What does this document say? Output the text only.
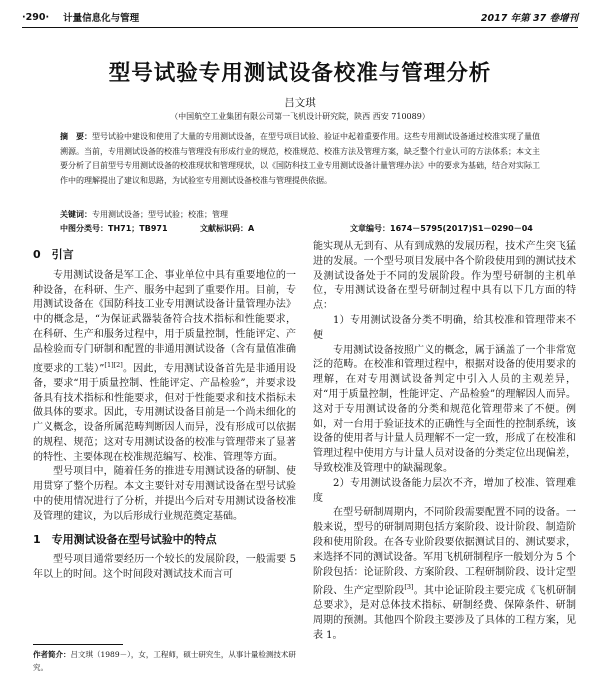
·290· 计量信息化与管理	2017 年第 37 卷增刊
型号试验专用测试设备校准与管理分析
吕文琪
（中国航空工业集团有限公司第一飞机设计研究院，陕西 西安 710089）
摘　要：型号试验中建设和使用了大量的专用测试设备，在型号项目试验、验证中起着重要作用。这些专用测试设备通过校准实现了量值溯源。当前，专用测试设备的校准与管理没有形成行业的规范，校准规范、校准方法及管理方案，缺乏整个行业认可的方法体系；本文主要分析了目前型号专用测试设备的校准现状和管理现状，以《国防科技工业专用测试设备计量管理办法》中的要求为基础，结合对实际工作中的理解提出了建议和思路，为试验室专用测试设备校准与管理提供依据。
关键词：专用测试设备；型号试验；校准；管理
中图分类号：TH71；TB971	文献标识码：A	文章编号：1674－5795(2017)S1－0290－04
0　引言

专用测试设备是军工企、事业单位中具有重要地位的一种设备，在科研、生产、服务中起到了重要作用。目前，专用测试设备在《国防科技工业专用测试设备计量管理办法》中的概念是，“为保证武器装备符合技术指标和性能要求，在科研、生产和服务过程中，用于质量控制，性能评定、产品检验而专门研制和配置的非通用测试设备（含有量值准确度要求的工装）”[1][2]。因此，专用测试设备首先是非通用设备，要求“用于质量控制、性能评定、产品检验”，并要求设备具有技术指标和性能要求，但对于性能要求和技术指标未做具体的要求。因此，专用测试设备目前是一个尚未细化的广义概念，设备所属范畴判断因人而异，没有形成可以依据的规程、规范；这对专用测试设备的校准与管理带来了显著的特性、主要体现在校准规范编写、校准、管理等方面。

型号项目中，随着任务的推进专用测试设备的研制、使用贯穿了整个历程。本文主要针对专用测试设备在型号试验中的使用情况进行了分析，并提出今后对专用测试设备校准及管理的建议，为以后形成行业规范奠定基础。

1　专用测试设备在型号试验中的特点

型号项目通常要经历一个较长的发展阶段，一般需要 5 年以上的时间。这个时间段对测试技术而言可

作者简介：吕文琪（1989－），女，工程师，硕士研究生，从事计量检测技术研究。

能实现从无到有、从有到成熟的发展历程，技术产生突飞猛进的发展。一个型号项目发展中各个阶段使用到的测试技术及测试设备处于不同的发展阶段。作为型号研制的主机单位，专用测试设备在型号研制过程中具有以下几方面的特点：

1）专用测试设备分类不明确，给其校准和管理带来不便

专用测试设备按照广义的概念，属于涵盖了一个非常宽泛的范畴。在校准和管理过程中，根据对设备的使用要求的理解，在对专用测试设备判定中引入人员的主观差异，对“用于质量控制，性能评定、产品检验”的理解因人而异。这对于专用测试设备的分类和规范化管理带来了不便。例如，对一台用于验证技术的正确性与全面性的控制系统，该设备的使用者与计量人员理解不一定一致，形成了在校准和管理过程中使用方与计量人员对设备的分类定位出现偏差，导致校准及管理中的缺漏现象。

2）专用测试设备能力层次不齐，增加了校准、管理难度

在型号研制周期内，不同阶段需要配置不同的设备。一般来说，型号的研制周期包括方案阶段、设计阶段、制造阶段和使用阶段。在各专业阶段要依据测试目的、测试要求，来选择不同的测试设备。军用飞机研制程序一般划分为 5 个阶段包括：论证阶段、方案阶段、工程研制阶段、设计定型阶段、生产定型阶段[3]。其中论证阶段主要完成《飞机研制总要求》，是对总体技术指标、研制经费、保障条件、研制周期的预测。其他四个阶段主要涉及了具体的工程方案，见表 1。
